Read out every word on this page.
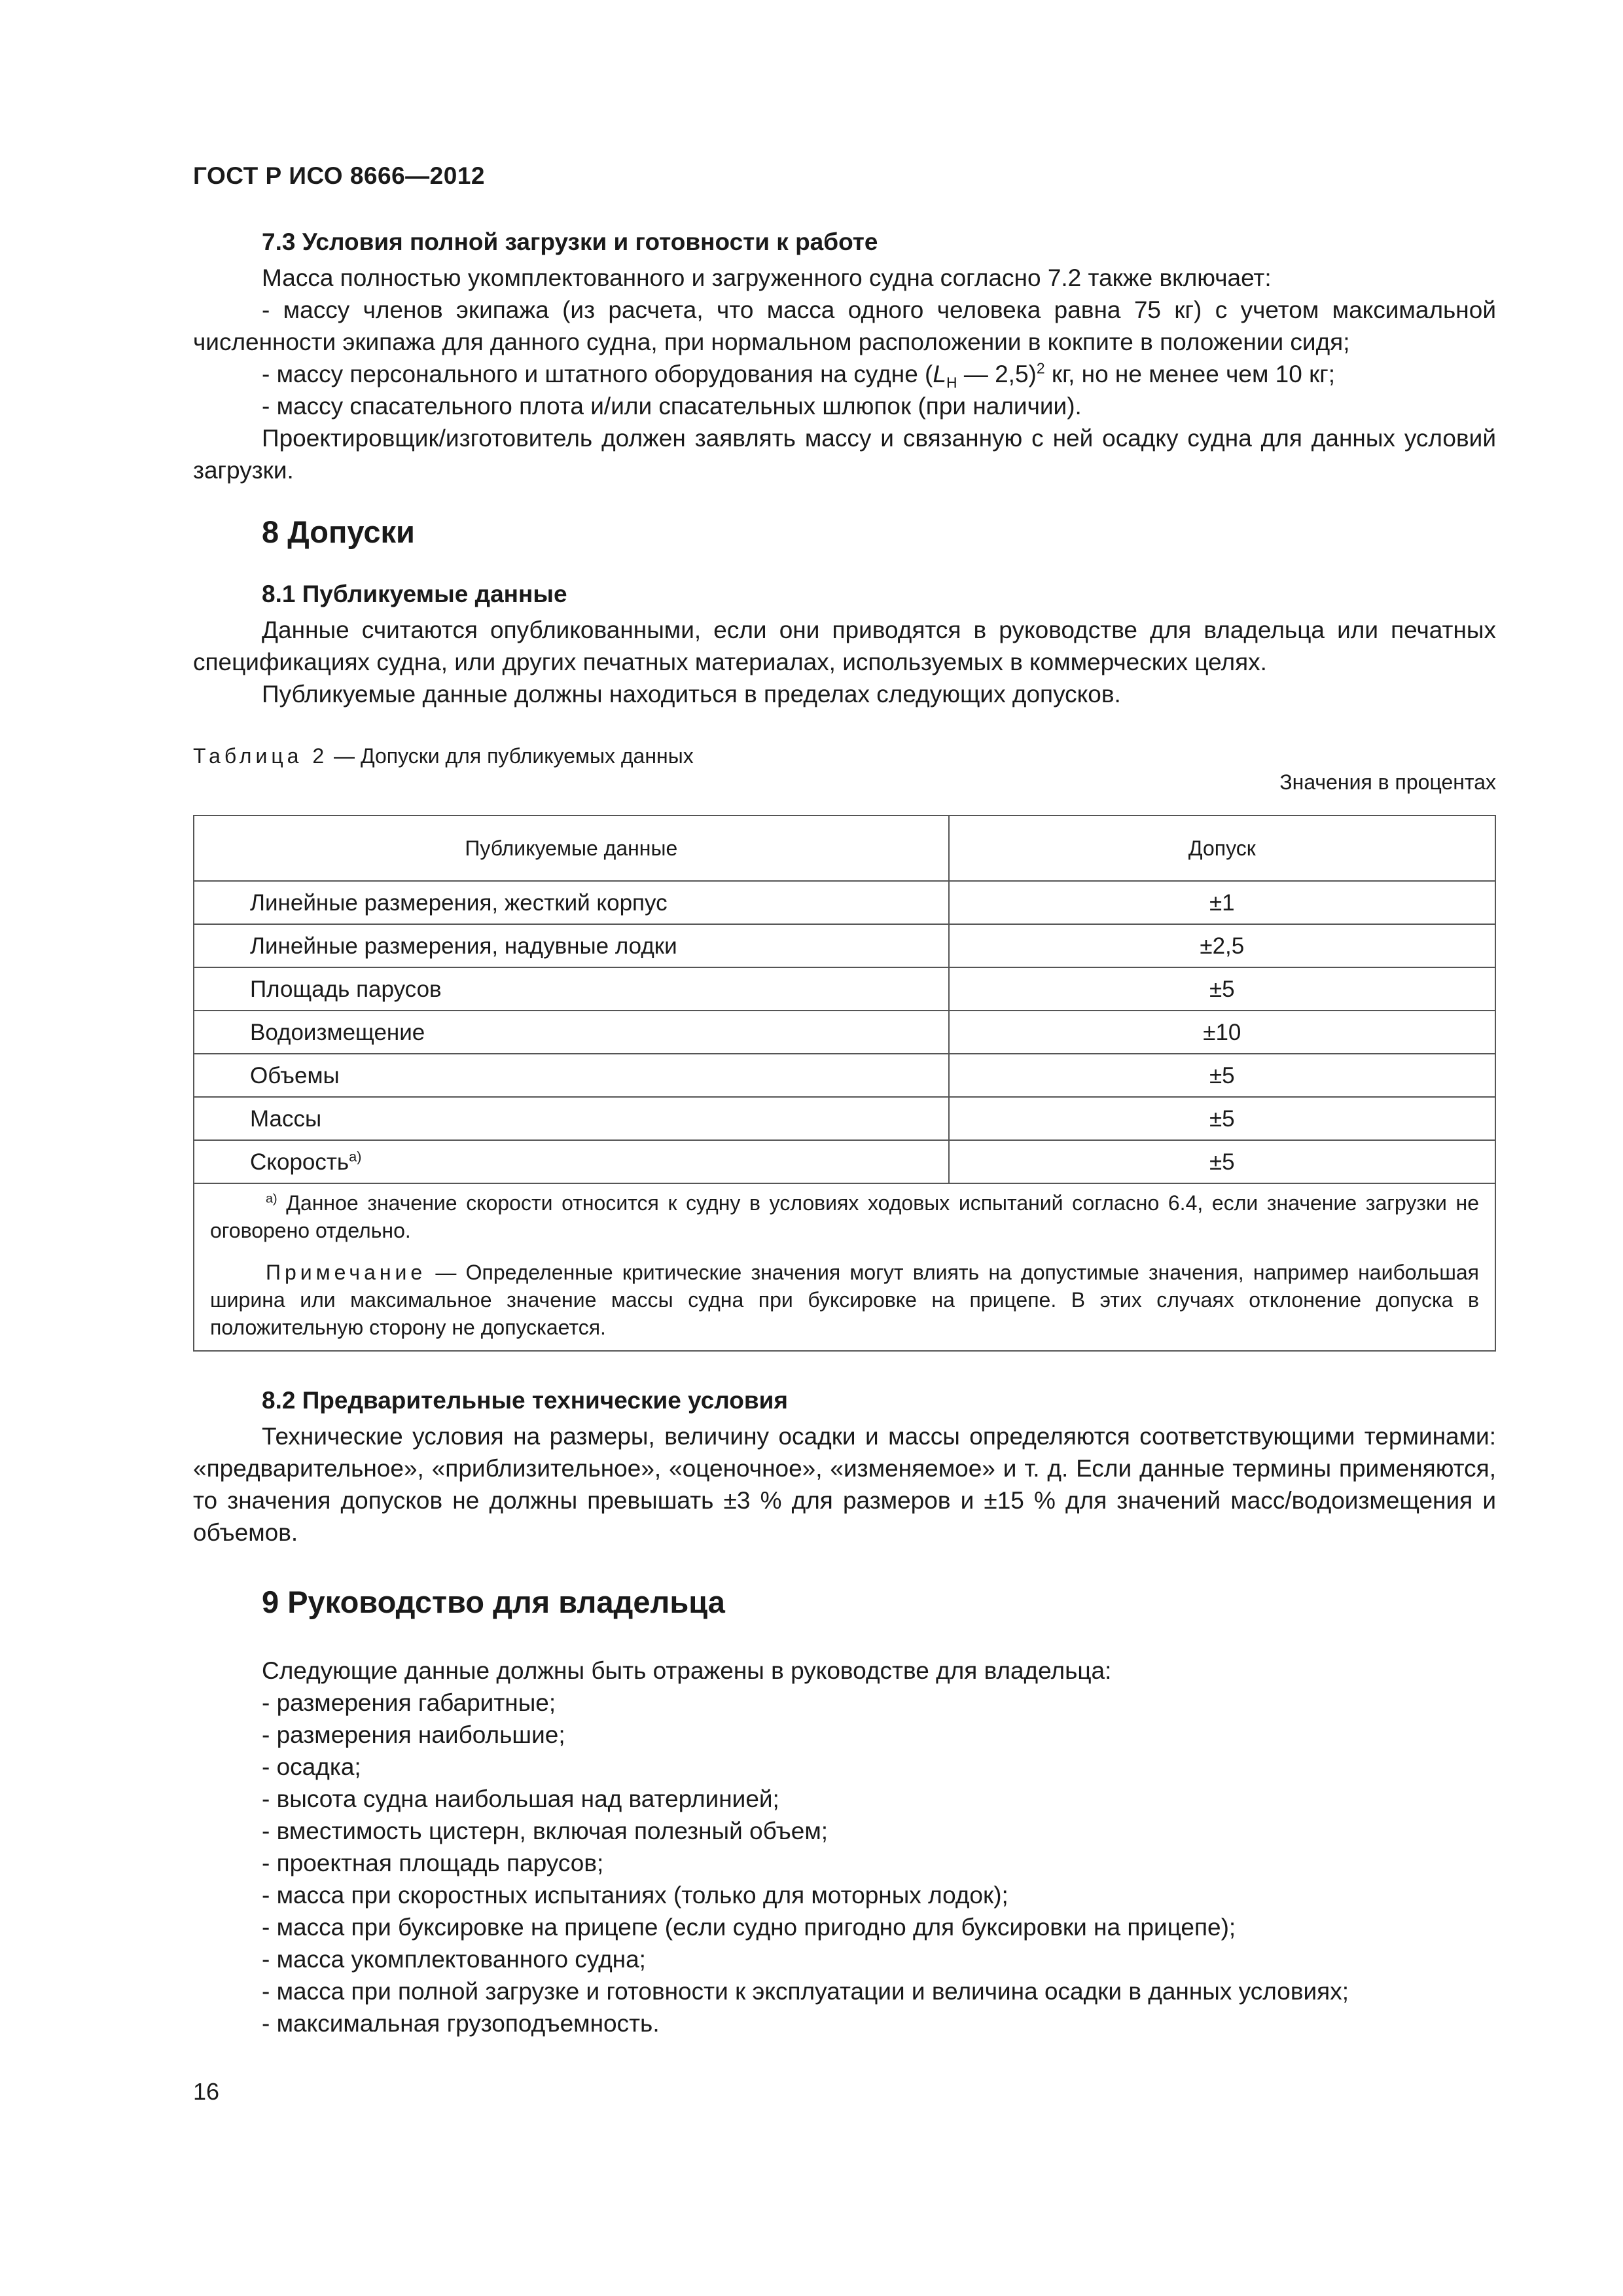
ГОСТ Р ИСО 8666—2012
7.3 Условия полной загрузки и готовности к работе

Масса полностью укомплектованного и загруженного судна согласно 7.2 также включает:

- массу членов экипажа (из расчета, что масса одного человека равна 75 кг) с учетом максимальной численности экипажа для данного судна, при нормальном расположении в кокпите в положении сидя;

- массу персонального и штатного оборудования на судне ($L_H$ — 2,5)$^2$ кг, но не менее чем 10 кг;

- массу спасательного плота и/или спасательных шлюпок (при наличии).

Проектировщик/изготовитель должен заявлять массу и связанную с ней осадку судна для данных условий загрузки.

8 Допуски
8.1 Публикуемые данные

Данные считаются опубликованными, если они приводятся в руководстве для владельца или печатных спецификациях судна, или других печатных материалах, используемых в коммерческих целях.

Публикуемые данные должны находиться в пределах следующих допусков.

Таблица 2 — Допуски для публикуемых данных

Значения в процентах

Публикуемые данные	Допуск
Линейные размерения, жесткий корпус	±1
Линейные размерения, надувные лодки	±2,5
Площадь парусов	±5
Водоизмещение	±10
Объемы	±5
Массы	±5
Скорость$^{a)}$	±5

$^{a)}$ Данное значение скорости относится к судну в условиях ходовых испытаний согласно 6.4, если значение загрузки не оговорено отдельно.

Примечание — Определенные критические значения могут влиять на допустимые значения, например наибольшая ширина или максимальное значение массы судна при буксировке на прицепе. В этих случаях отклонение допуска в положительную сторону не допускается.	

8.2 Предварительные технические условия

Технические условия на размеры, величину осадки и массы определяются соответствующими терминами: «предварительное», «приблизительное», «оценочное», «изменяемое» и т. д. Если данные термины применяются, то значения допусков не должны превышать ±3 % для размеров и ±15 % для значений масс/водоизмещения и объемов.

9 Руководство для владельца

Следующие данные должны быть отражены в руководстве для владельца:

- размерения габаритные;

- размерения наибольшие;

- осадка;

- высота судна наибольшая над ватерлинией;

- вместимость цистерн, включая полезный объем;

- проектная площадь парусов;

- масса при скоростных испытаниях (только для моторных лодок);

- масса при буксировке на прицепе (если судно пригодно для буксировки на прицепе);

- масса укомплектованного судна;

- масса при полной загрузке и готовности к эксплуатации и величина осадки в данных условиях;

- максимальная грузоподъемность.

16
